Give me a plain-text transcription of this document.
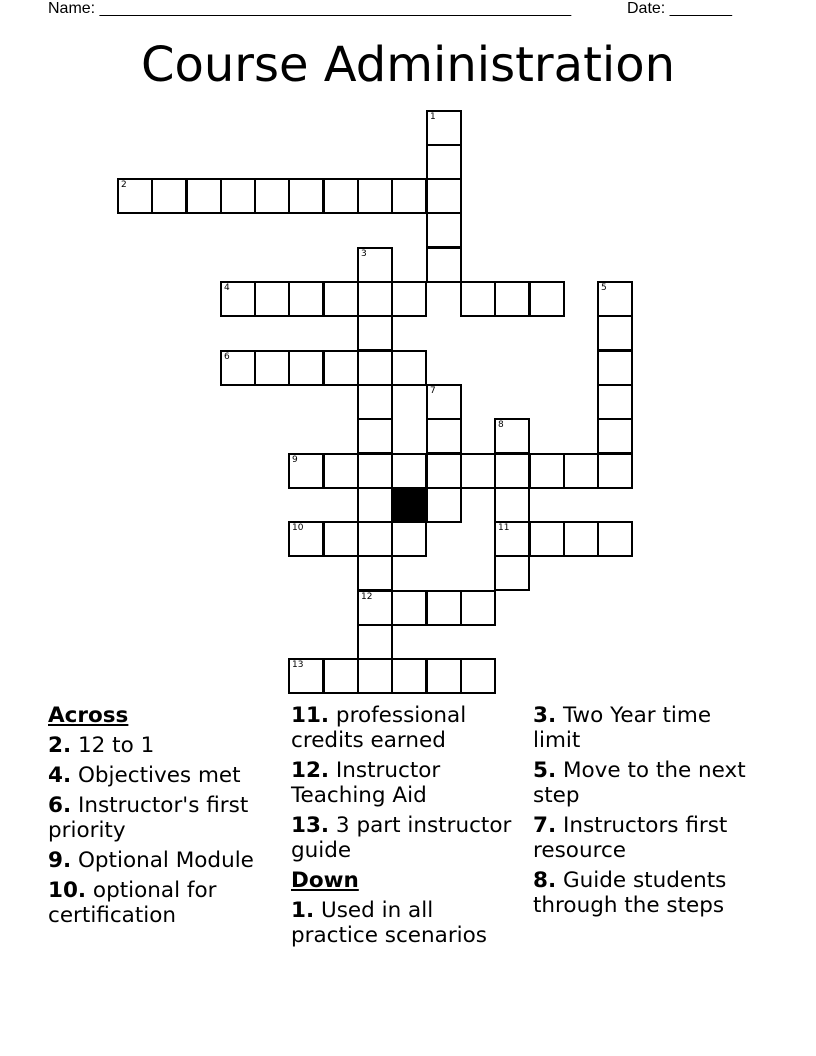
Name: _____________________________________________________	Date: _______
Course Administration
1
2
3
4	5
6
7
8
9
10	11
12
13
Across
2. 12 to 1
4. Objectives met
6. Instructor's first priority
9. Optional Module
10. optional for certification
11. professional credits earned
12. Instructor Teaching Aid
13. 3 part instructor guide
Down
1. Used in all practice scenarios
3. Two Year time limit
5. Move to the next step
7. Instructors first resource
8. Guide students through the steps
